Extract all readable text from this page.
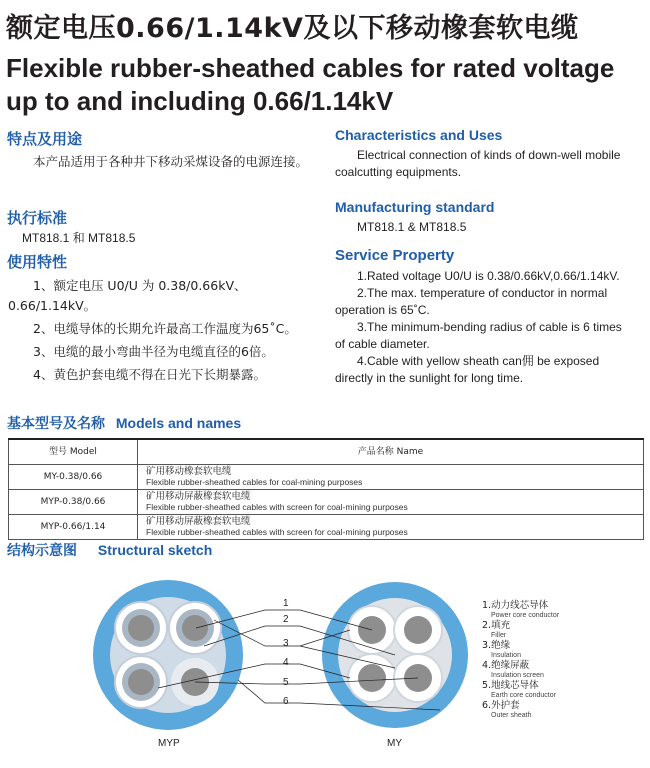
额定电压0.66/1.14kV及以下移动橡套软电缆
Flexible rubber-sheathed cables for rated voltage up to and including 0.66/1.14kV
特点及用途
本产品适用于各种井下移动采煤设备的电源连接。
执行标准
MT818.1 和 MT818.5
使用特性
1、额定电压 U0/U 为 0.38/0.66kV、0.66/1.14kV。
2、电缆导体的长期允许最高工作温度为65˚C。
3、电缆的最小弯曲半径为电缆直径的6倍。
4、黄色护套电缆不得在日光下长期暴露。
Characteristics and Uses
Electrical connection of kinds of down-well mobile coalcutting equipments.
Manufacturing standard
MT818.1 & MT818.5
Service Property
1.Rated voltage U0/U is 0.38/0.66kV,0.66/1.14kV.
2.The max. temperature of conductor in normal operation is 65˚C.
3.The minimum-bending radius of cable is 6 times of cable diameter.
4.Cable with yellow sheath can佣 be exposed directly in the sunlight for long time.
基本型号及名称 Models and names
型号 Model	产品名称 Name
MY-0.38/0.66	矿用移动橡套软电缆
Flexible rubber-sheathed cables for coal-mining purposes

MYP-0.38/0.66	矿用移动屏蔽橡套软电缆
Flexible rubber-sheathed cables with screen for coal-mining purposes

MYP-0.66/1.14	矿用移动屏蔽橡套软电缆
Flexible rubber-sheathed cables with screen for coal-mining purposes
结构示意图 Structural sketch
1
2
3
4
5
6
MYP	MY
1.动力线芯导体
Power core conductor
2.填充
Filler
3.绝缘
Insulation
4.绝缘屏蔽
Insulation screen
5.地线芯导体
Earth core conductor
6.外护套
Outer sheath
